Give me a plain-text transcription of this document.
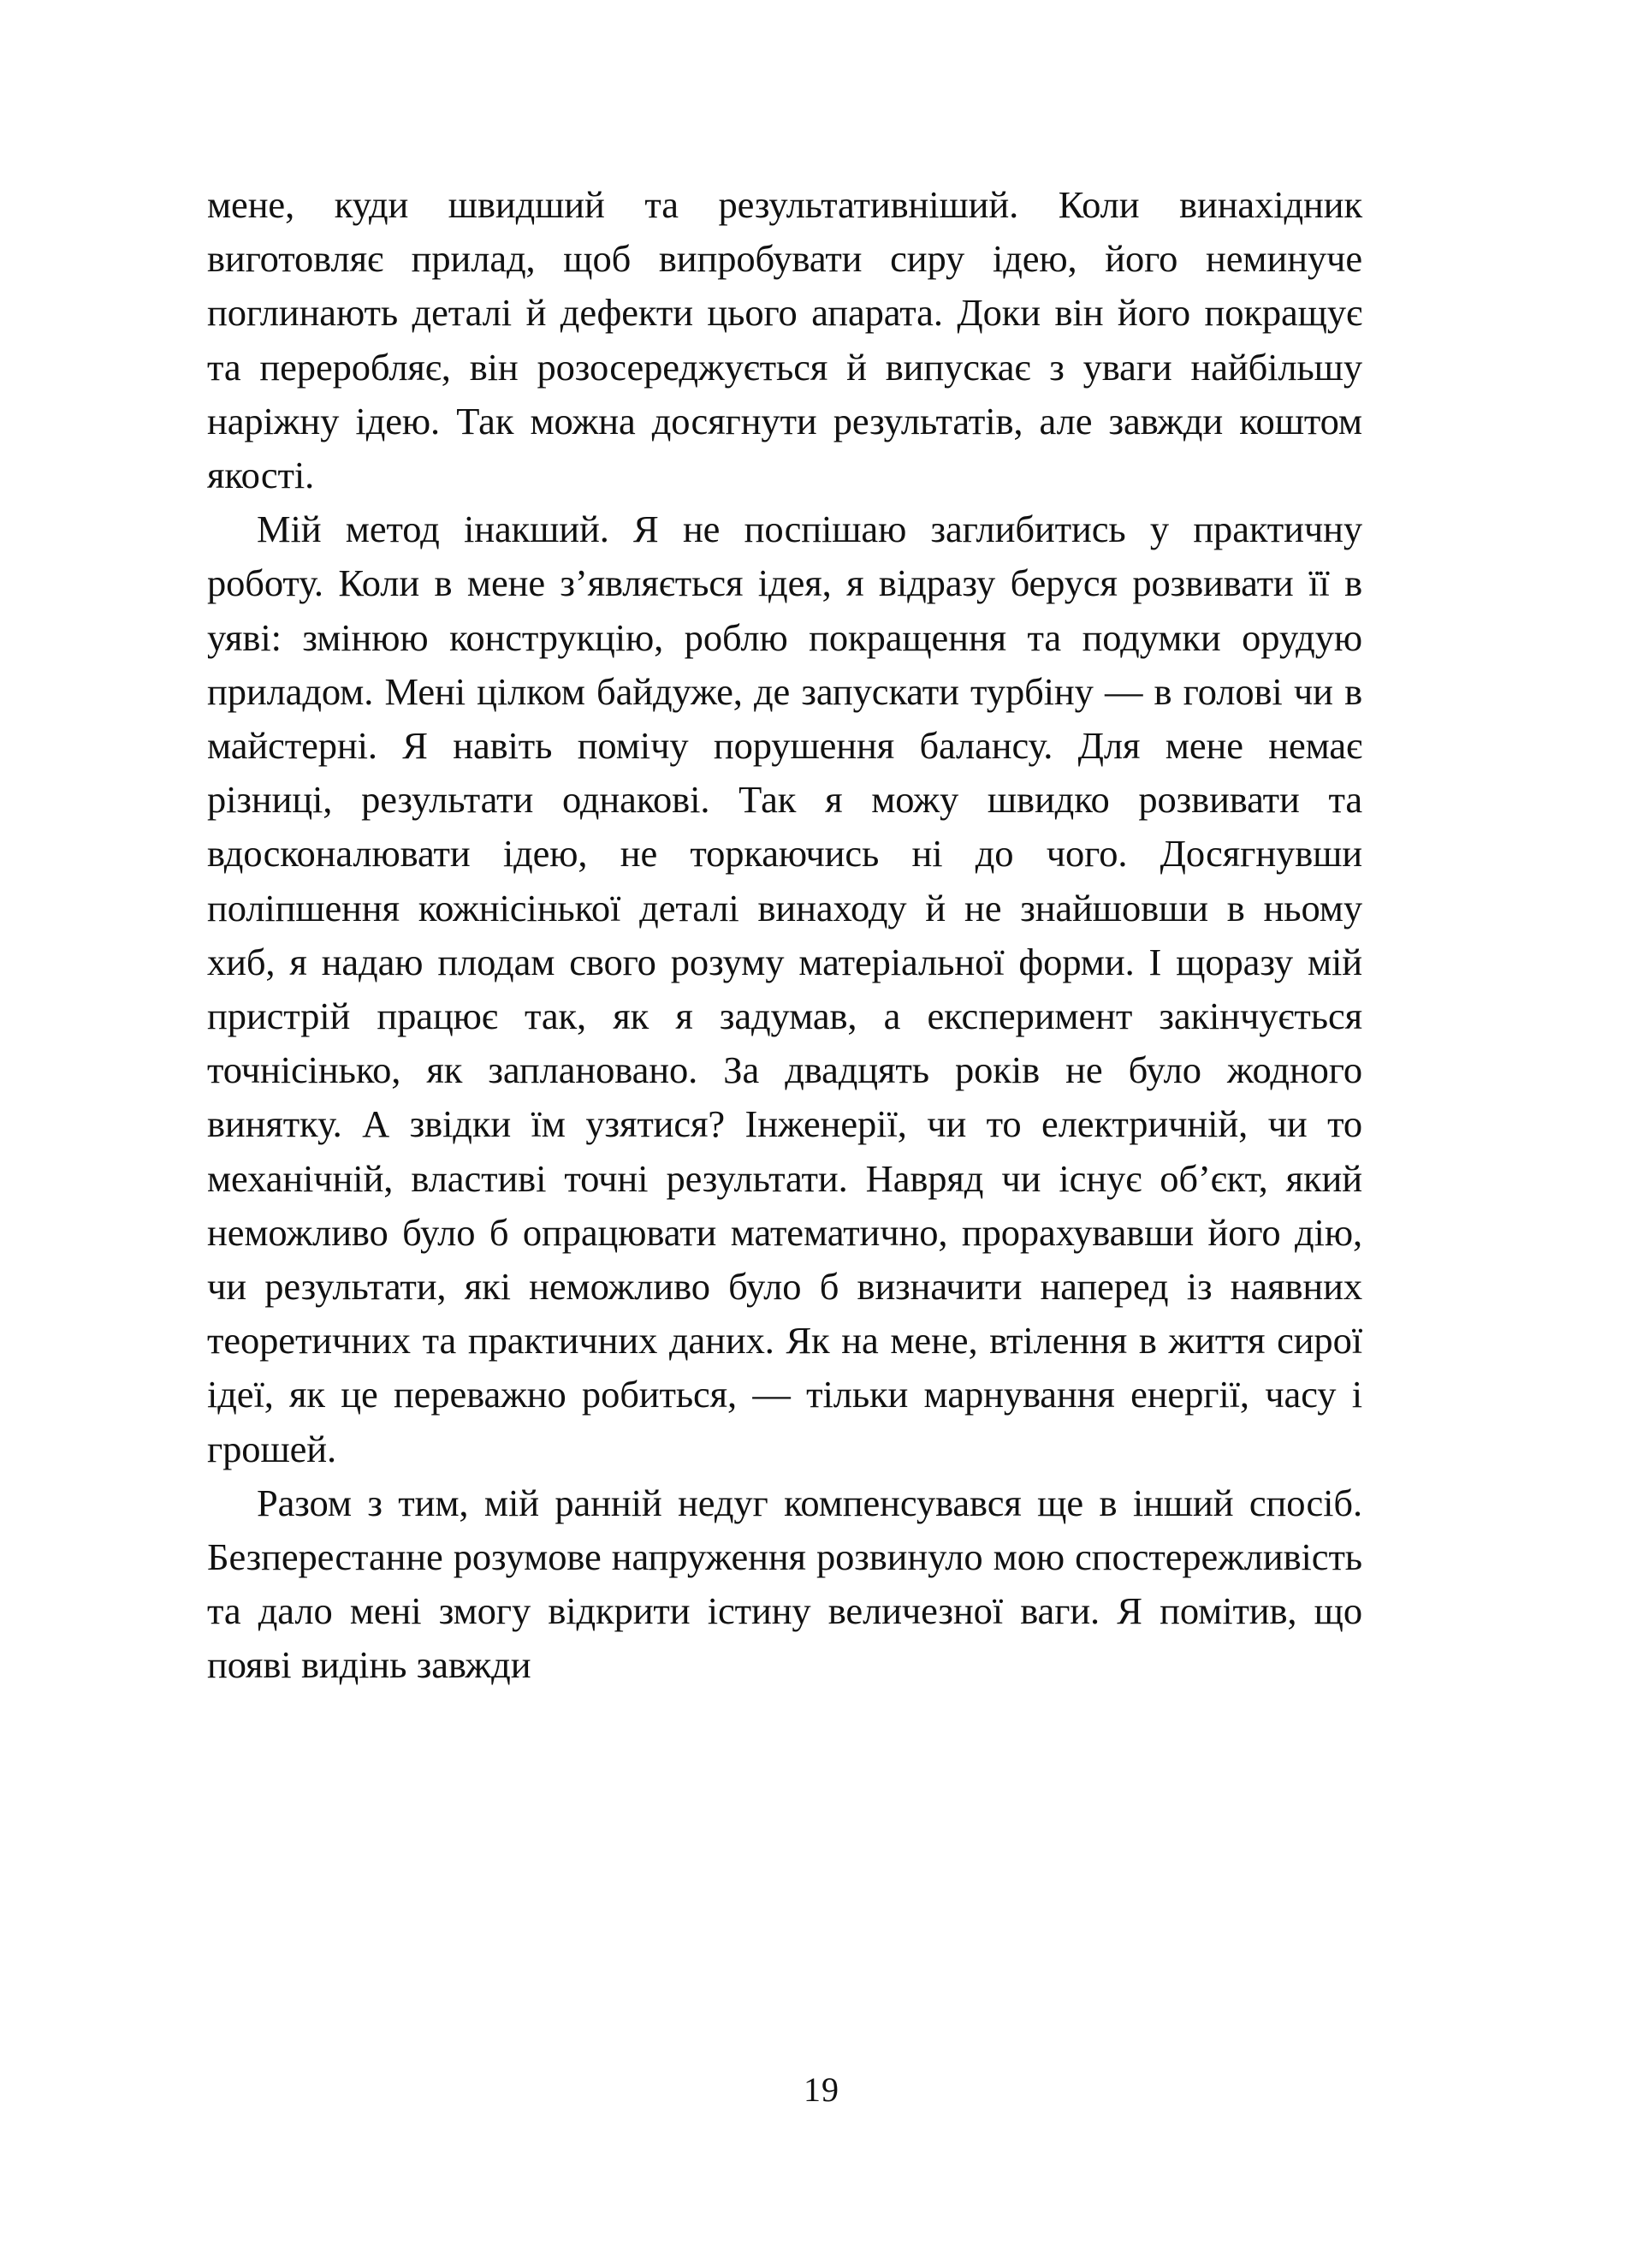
мене, куди швидший та результативніший. Коли винахідник виготовляє прилад, щоб випробувати сиру ідею, його неминуче поглинають деталі й дефекти цього апарата. Доки він його покращує та переробляє, він розосереджується й випускає з уваги найбільшу наріжну ідею. Так можна досягнути результатів, але завжди коштом якості.

Мій метод інакший. Я не поспішаю заглибитись у практичну роботу. Коли в мене з’являється ідея, я відразу беруся розвивати її в уяві: змінюю конструкцію, роблю покращення та подумки орудую приладом. Мені цілком байдуже, де запускати турбіну — в голові чи в майстерні. Я навіть помічу порушення балансу. Для мене немає різниці, результати однакові. Так я можу швидко розвивати та вдосконалювати ідею, не торкаючись ні до чого. Досягнувши поліпшення кожнісінької деталі винаходу й не знайшовши в ньому хиб, я надаю плодам свого розуму матеріальної форми. І щоразу мій пристрій працює так, як я задумав, а експеримент закінчується точнісінько, як заплановано. За двадцять років не було жодного винятку. А звідки їм узятися? Інженерії, чи то електричній, чи то механічній, властиві точні результати. Навряд чи існує об’єкт, який неможливо було б опрацювати математично, прорахувавши його дію, чи результати, які неможливо було б визначити наперед із наявних теоретичних та практичних даних. Як на мене, втілення в життя сирої ідеї, як це переважно робиться, — тільки марнування енергії, часу і грошей.

Разом з тим, мій ранній недуг компенсувався ще в інший спосіб. Безперестанне розумове напруження розвинуло мою спостережливість та дало мені змогу відкрити істину величезної ваги. Я помітив, що появі видінь завжди

19
